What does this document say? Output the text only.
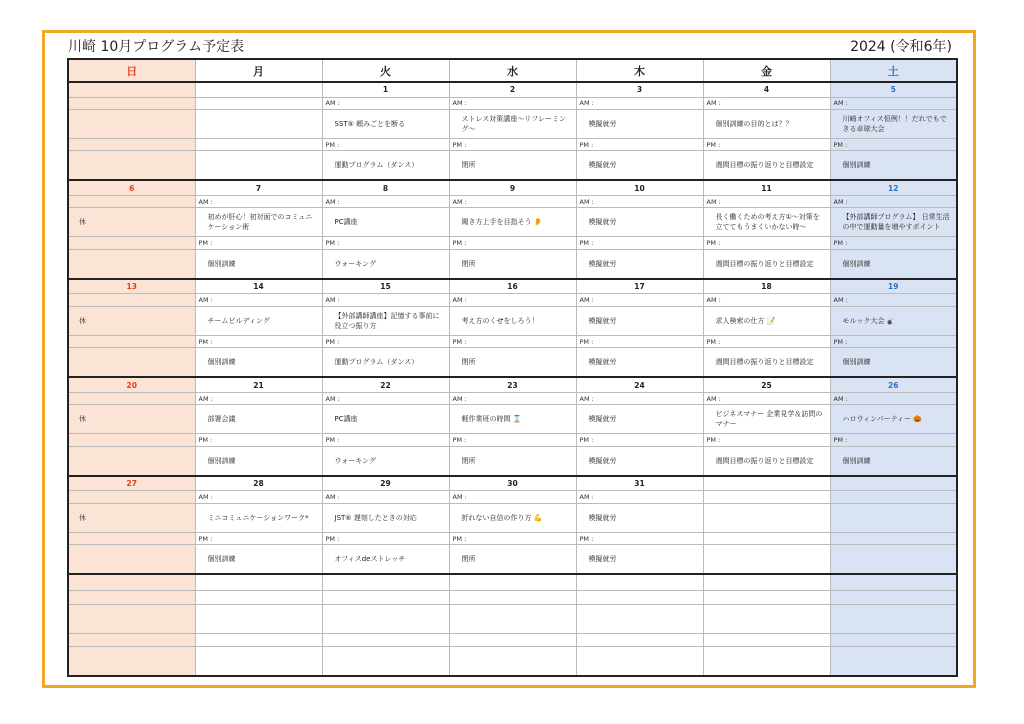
川崎 10月プログラム予定表	2024 (令和6年)
日	月	火	水	木	金	土
		1	2	3	4	5
		AM :	AM :	AM :	AM :	AM :
		SST⑤ 頼みごとを断る	ストレス対策講座～リフレーミング～	模擬就労	個別訓練の目的とは？？	川崎オフィス恒例！！だれでもできる卓球大会
		PM :	PM :	PM :	PM :	PM :
		運動プログラム（ダンス）	閉所	模擬就労	週間目標の振り返りと目標設定	個別訓練
6	7	8	9	10	11	12
	AM :	AM :	AM :	AM :	AM :	AM :
休	初めが肝心！初対面でのコミュニケーション術	PC講座	聞き方上手を目指そう 👂	模擬就労	長く働くための考え方①～対策を立ててもうまくいかない時～	【外部講師プログラム】 日常生活の中で運動量を増やすポイント
	PM :	PM :	PM :	PM :	PM :	PM :
	個別訓練	ウォーキング	閉所	模擬就労	週間目標の振り返りと目標設定	個別訓練
13	14	15	16	17	18	19
	AM :	AM :	AM :	AM :	AM :	AM :
休	チームビルディング	【外部講師講座】記憶する事前に役立つ振り方	考え方のくせをしろう！	模擬就労	求人検索の仕方 📝	モルック大会 🎳
	PM :	PM :	PM :	PM :	PM :	PM :
	個別訓練	運動プログラム（ダンス）	閉所	模擬就労	週間目標の振り返りと目標設定	個別訓練
20	21	22	23	24	25	26
	AM :	AM :	AM :	AM :	AM :	AM :
休	部署会議	PC講座	軽作業班の時間 ⌛	模擬就労	ビジネスマナー 企業見学＆訪問のマナー	ハロウィンパーティー 🎃
	PM :	PM :	PM :	PM :	PM :	PM :
	個別訓練	ウォーキング	閉所	模擬就労	週間目標の振り返りと目標設定	個別訓練
27	28	29	30	31		
	AM :	AM :	AM :	AM :		
休	ミニコミュニケーションワーク*	JST⑥ 遅刻したときの対応	折れない自信の作り方 💪	模擬就労		
	PM :	PM :	PM :	PM :		
	個別訓練	オフィスdeストレッチ	閉所	模擬就労		
